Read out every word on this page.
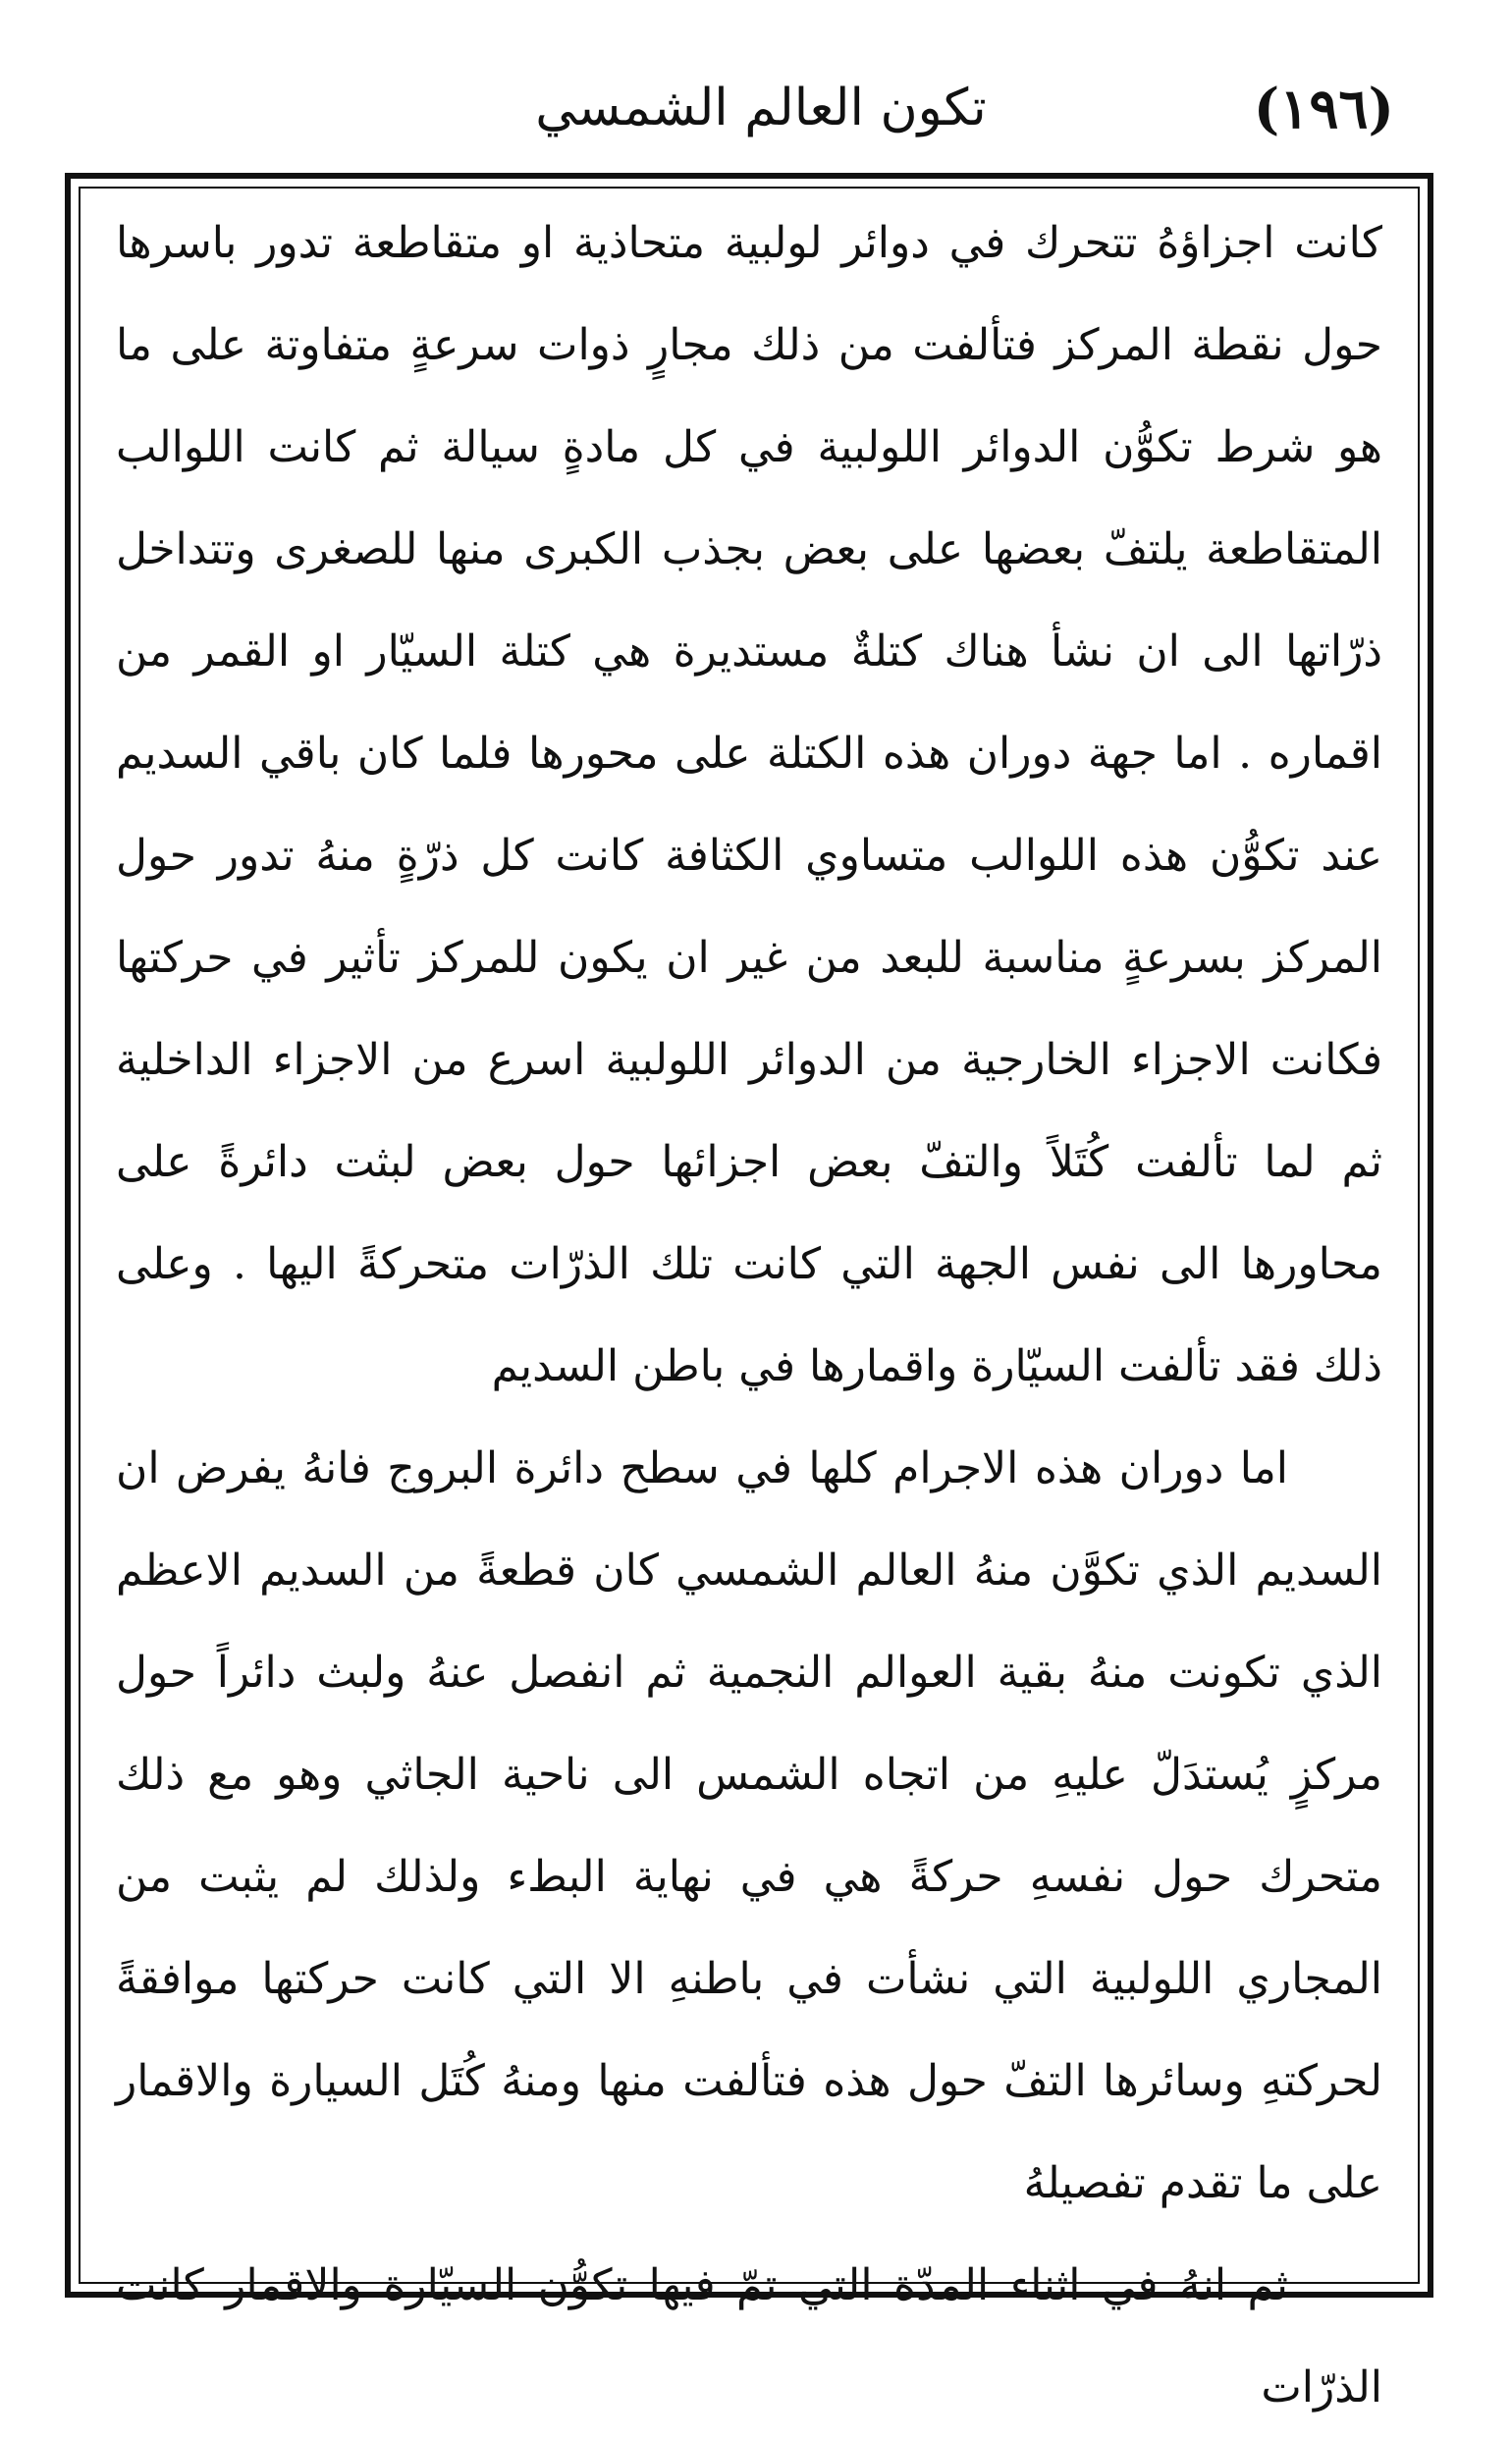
(١٩٦)
تكون العالم الشمسي

كانت اجزاؤهُ تتحرك في دوائر لولبية متحاذية او متقاطعة تدور باسرها حول نقطة المركز فتألفت من ذلك مجارٍ ذوات سرعةٍ متفاوتة على ما هو شرط تكوُّن الدوائر اللولبية في كل مادةٍ سيالة ثم كانت اللوالب المتقاطعة يلتفّ بعضها على بعض بجذب الكبرى منها للصغرى وتتداخل ذرّاتها الى ان نشأ هناك كتلةٌ مستديرة هي كتلة السيّار او القمر من اقماره . اما جهة دوران هذه الكتلة على محورها فلما كان باقي السديم عند تكوُّن هذه اللوالب متساوي الكثافة كانت كل ذرّةٍ منهُ تدور حول المركز بسرعةٍ مناسبة للبعد من غير ان يكون للمركز تأثير في حركتها فكانت الاجزاء الخارجية من الدوائر اللولبية اسرع من الاجزاء الداخلية ثم لما تألفت كُتَلاً والتفّ بعض اجزائها حول بعض لبثت دائرةً على محاورها الى نفس الجهة التي كانت تلك الذرّات متحركةً اليها . وعلى ذلك فقد تألفت السيّارة واقمارها في باطن السديم

اما دوران هذه الاجرام كلها في سطح دائرة البروج فانهُ يفرض ان السديم الذي تكوَّن منهُ العالم الشمسي كان قطعةً من السديم الاعظم الذي تكونت منهُ بقية العوالم النجمية ثم انفصل عنهُ ولبث دائراً حول مركزٍ يُستدَلّ عليهِ من اتجاه الشمس الى ناحية الجاثي وهو مع ذلك متحرك حول نفسهِ حركةً هي في نهاية البطء ولذلك لم يثبت من المجاري اللولبية التي نشأت في باطنهِ الا التي كانت حركتها موافقةً لحركتهِ وسائرها التفّ حول هذه فتألفت منها ومنهُ كُتَل السيارة والاقمار على ما تقدم تفصيلهُ

ثم انهُ في اثناء المدّة التي تمّ فيها تكوُّن السيّارة والاقمار كانت الذرّات
